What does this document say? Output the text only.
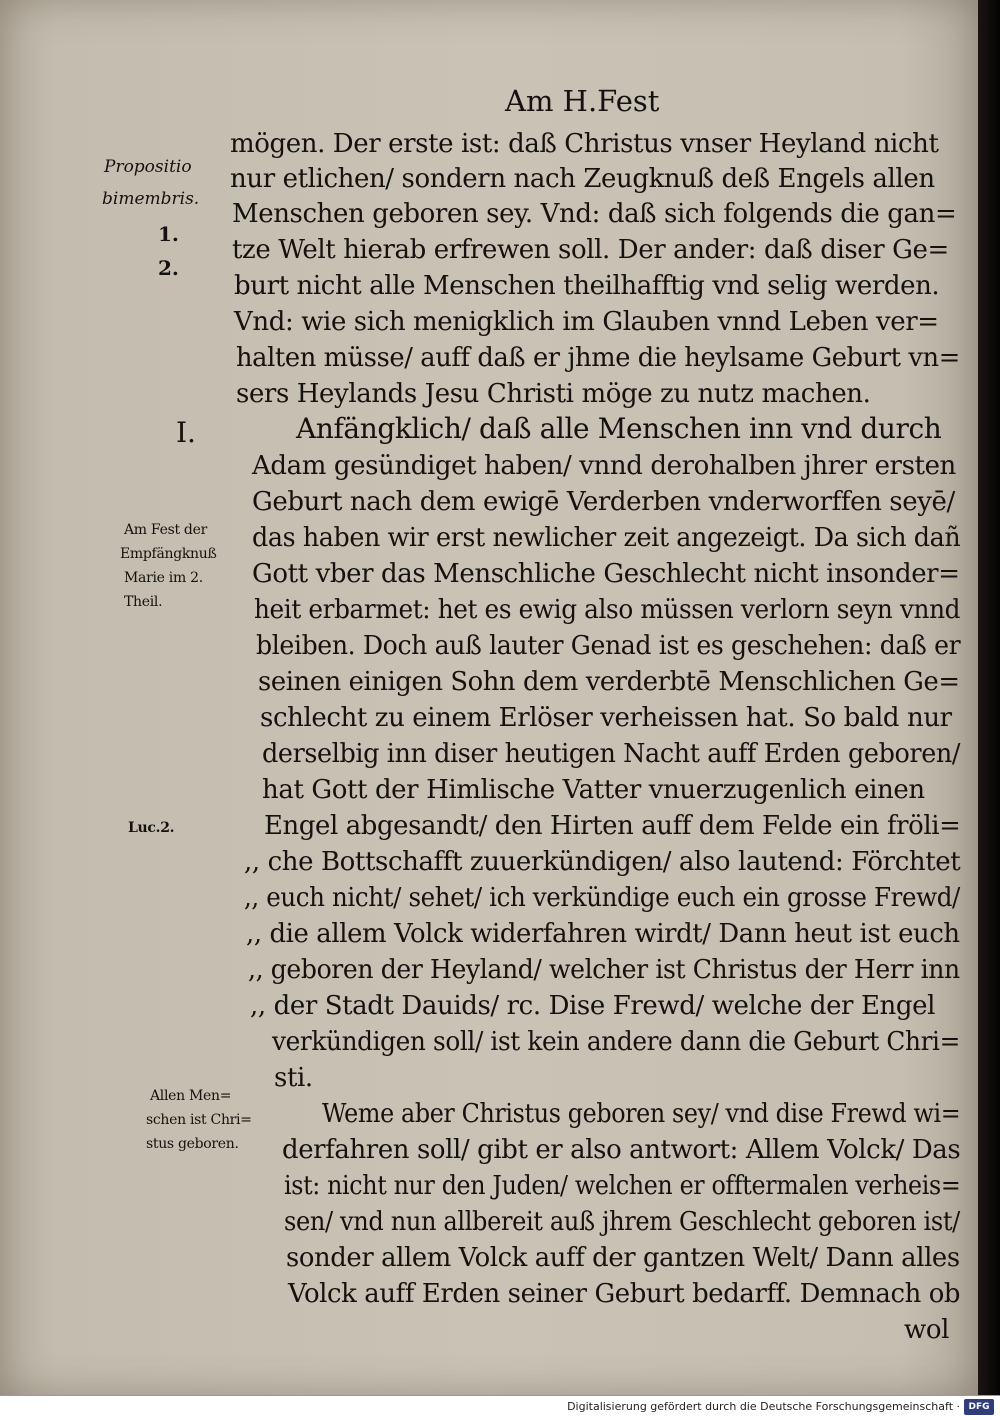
Am H.Fest
Propositio
bimembris.
1.
2.
I.
Am Fest der
Empfängknuß
Marie im 2.
Theil.
Luc.2.
Allen Men=
schen ist Chri=
stus geboren.
mögen. Der erste ist: daß Christus vnser Heyland nicht
nur etlichen/ sondern nach Zeugknuß deß Engels allen
Menschen geboren sey. Vnd: daß sich folgends die gan=
tze Welt hierab erfrewen soll. Der ander: daß diser Ge=
burt nicht alle Menschen theilhafftig vnd selig werden.
Vnd: wie sich menigklich im Glauben vnnd Leben ver=
halten müsse/ auff daß er jhme die heylsame Geburt vn=
sers Heylands Jesu Christi möge zu nutz machen.
Anfängklich/ daß alle Menschen inn vnd durch
Adam gesündiget haben/ vnnd derohalben jhrer ersten
Geburt nach dem ewigē Verderben vnderworffen seyē/
das haben wir erst newlicher zeit angezeigt. Da sich dañ
Gott vber das Menschliche Geschlecht nicht insonder=
heit erbarmet: het es ewig also müssen verlorn seyn vnnd
bleiben. Doch auß lauter Genad ist es geschehen: daß er
seinen einigen Sohn dem verderbtē Menschlichen Ge=
schlecht zu einem Erlöser verheissen hat. So bald nur
derselbig inn diser heutigen Nacht auff Erden geboren/
hat Gott der Himlische Vatter vnuerzugenlich einen
Engel abgesandt/ den Hirten auff dem Felde ein fröli=
,, che Bottschafft zuuerkündigen/ also lautend: Förchtet
,, euch nicht/ sehet/ ich verkündige euch ein grosse Frewd/
,, die allem Volck widerfahren wirdt/ Dann heut ist euch
,, geboren der Heyland/ welcher ist Christus der Herr inn
,, der Stadt Dauids/ rc. Dise Frewd/ welche der Engel
verkündigen soll/ ist kein andere dann die Geburt Chri=
sti.
Weme aber Christus geboren sey/ vnd dise Frewd wi=
derfahren soll/ gibt er also antwort: Allem Volck/ Das
ist: nicht nur den Juden/ welchen er offtermalen verheis=
sen/ vnd nun allbereit auß jhrem Geschlecht geboren ist/
sonder allem Volck auff der gantzen Welt/ Dann alles
Volck auff Erden seiner Geburt bedarff. Demnach ob
wol
Digitalisierung gefördert durch die Deutsche Forschungsgemeinschaft · DFG
